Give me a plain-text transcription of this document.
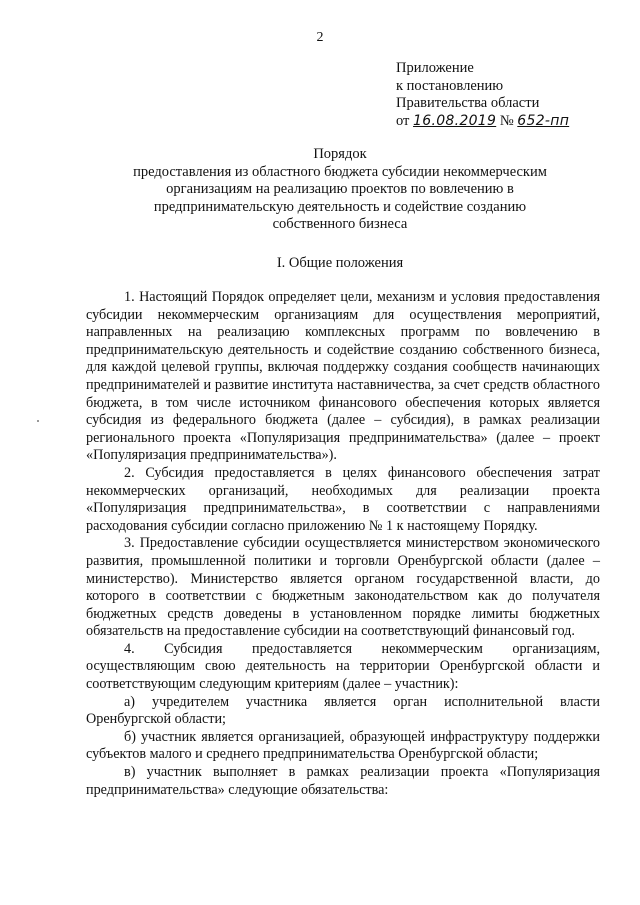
2
Приложение
к постановлению
Правительства области
от 16.08.2019 № 652-пп
Порядок
предоставления из областного бюджета субсидии некоммерческим
организациям на реализацию проектов по вовлечению в
предпринимательскую деятельность и содействие созданию
собственного бизнеса
I. Общие положения

1. Настоящий Порядок определяет цели, механизм и условия предоставления субсидии некоммерческим организациям для осуществления мероприятий, направленных на реализацию комплексных программ по вовлечению в предпринимательскую деятельность и содействие созданию собственного бизнеса, для каждой целевой группы, включая поддержку создания сообществ начинающих предпринимателей и развитие института наставничества, за счет средств областного бюджета, в том числе источником финансового обеспечения которых является субсидия из федерального бюджета (далее – субсидия), в рамках реализации регионального проекта «Популяризация предпринимательства» (далее – проект «Популяризация предпринимательства»).

2. Субсидия предоставляется в целях финансового обеспечения затрат некоммерческих организаций, необходимых для реализации проекта «Популяризация предпринимательства», в соответствии с направлениями расходования субсидии согласно приложению № 1 к настоящему Порядку.

3. Предоставление субсидии осуществляется министерством экономического развития, промышленной политики и торговли Оренбургской области (далее – министерство). Министерство является органом государственной власти, до которого в соответствии с бюджетным законодательством как до получателя бюджетных средств доведены в установленном порядке лимиты бюджетных обязательств на предоставление субсидии на соответствующий финансовый год.

4. Субсидия предоставляется некоммерческим организациям, осуществляющим свою деятельность на территории Оренбургской области и соответствующим следующим критериям (далее – участник):

а) учредителем участника является орган исполнительной власти Оренбургской области;

б) участник является организацией, образующей инфраструктуру поддержки субъектов малого и среднего предпринимательства Оренбургской области;

в) участник выполняет в рамках реализации проекта «Популяризация предпринимательства» следующие обязательства:
